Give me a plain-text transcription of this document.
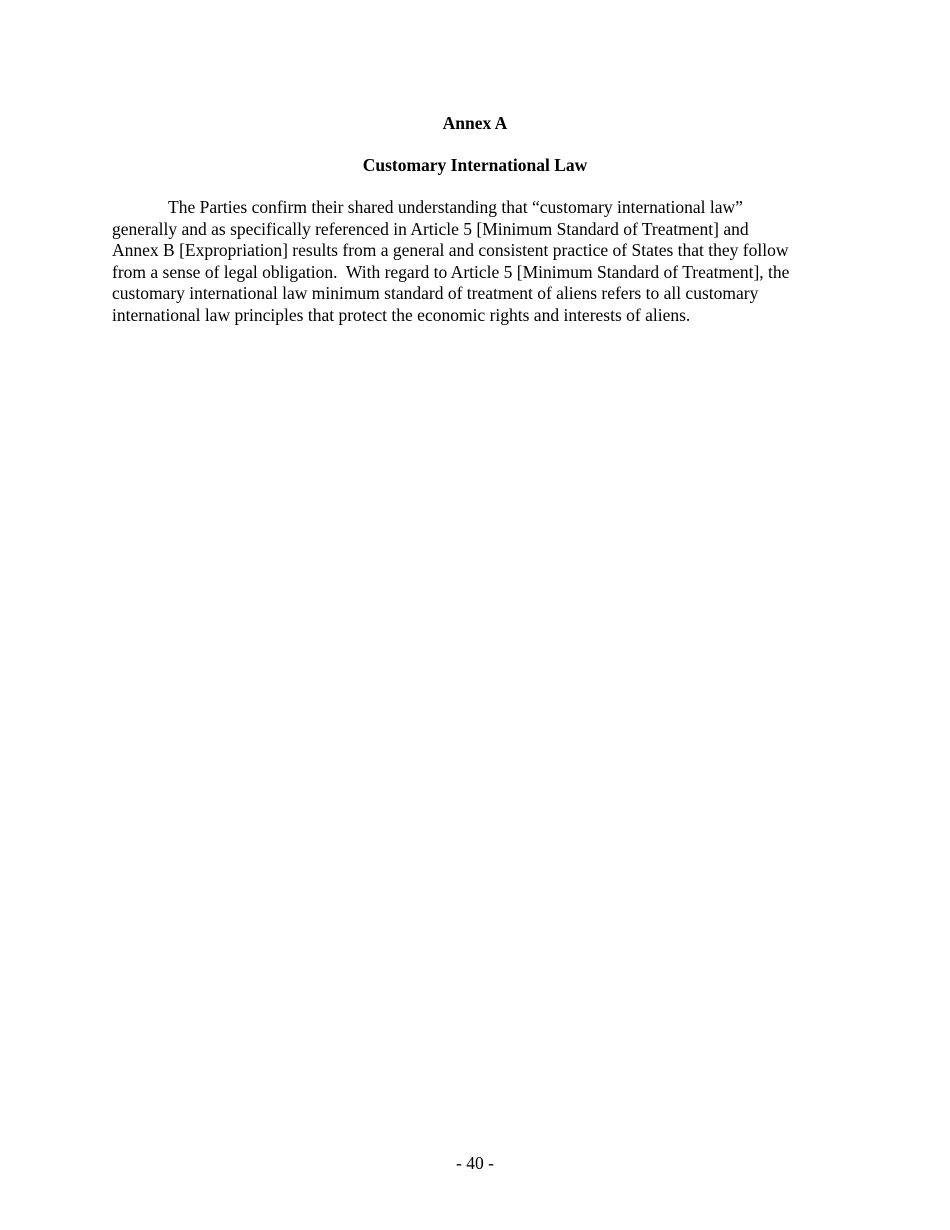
Annex A
Customary International Law

The Parties confirm their shared understanding that “customary international law”
generally and as specifically referenced in Article 5 [Minimum Standard of Treatment] and
Annex B [Expropriation] results from a general and consistent practice of States that they follow
from a sense of legal obligation.  With regard to Article 5 [Minimum Standard of Treatment], the
customary international law minimum standard of treatment of aliens refers to all customary
international law principles that protect the economic rights and interests of aliens.

- 40 -
